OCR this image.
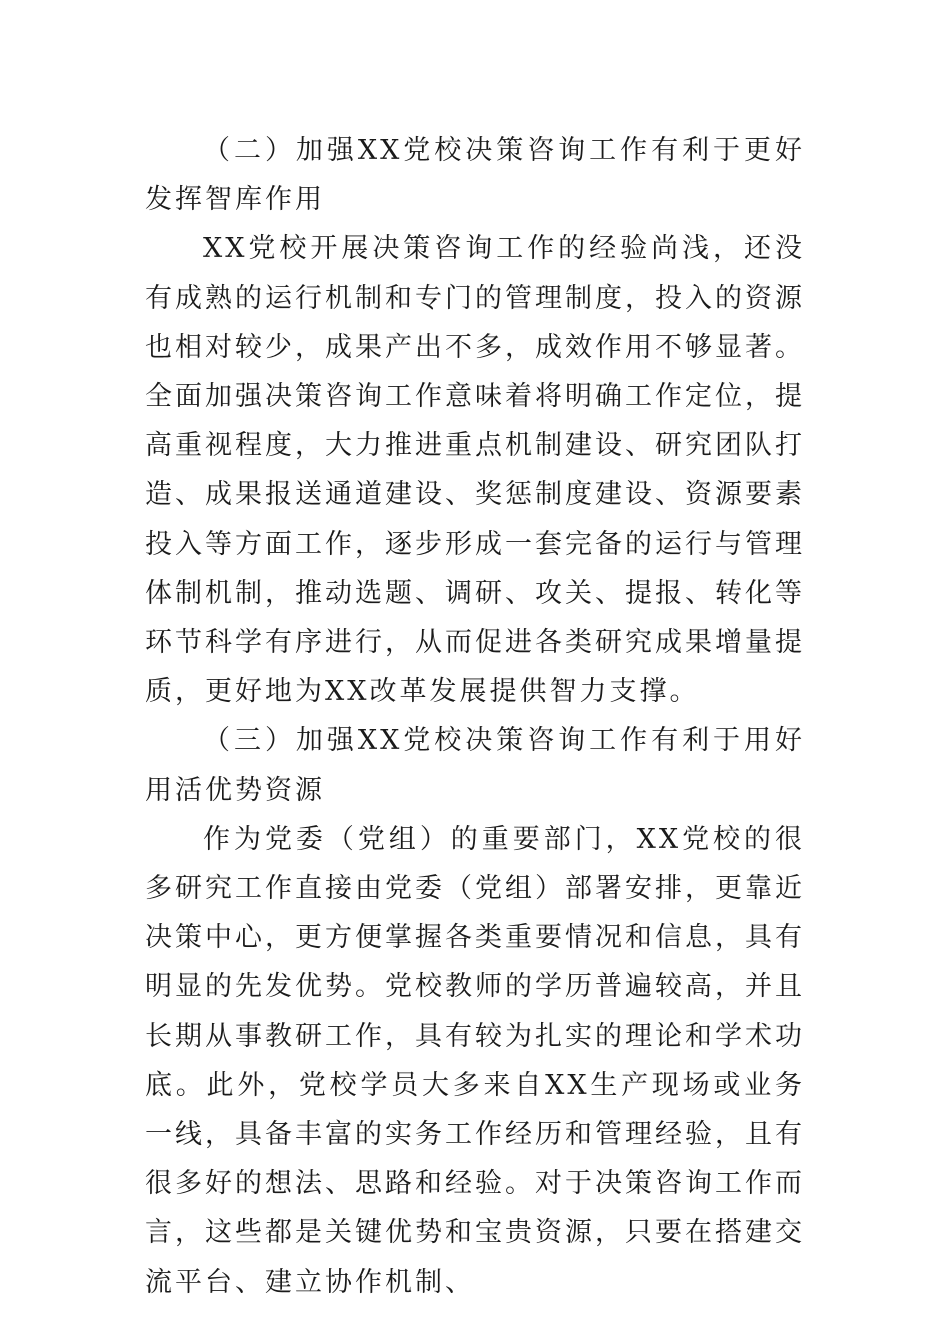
（二）加强XX党校决策咨询工作有利于更好发挥智库作用

XX党校开展决策咨询工作的经验尚浅，还没有成熟的运行机制和专门的管理制度，投入的资源也相对较少，成果产出不多，成效作用不够显著。全面加强决策咨询工作意味着将明确工作定位，提高重视程度，大力推进重点机制建设、研究团队打造、成果报送通道建设、奖惩制度建设、资源要素投入等方面工作，逐步形成一套完备的运行与管理体制机制，推动选题、调研、攻关、提报、转化等环节科学有序进行，从而促进各类研究成果增量提质，更好地为XX改革发展提供智力支撑。

（三）加强XX党校决策咨询工作有利于用好用活优势资源

作为党委（党组）的重要部门，XX党校的很多研究工作直接由党委（党组）部署安排，更靠近决策中心，更方便掌握各类重要情况和信息，具有明显的先发优势。党校教师的学历普遍较高，并且长期从事教研工作，具有较为扎实的理论和学术功底。此外，党校学员大多来自XX生产现场或业务一线，具备丰富的实务工作经历和管理经验，且有很多好的想法、思路和经验。对于决策咨询工作而言，这些都是关键优势和宝贵资源，只要在搭建交流平台、建立协作机制、
